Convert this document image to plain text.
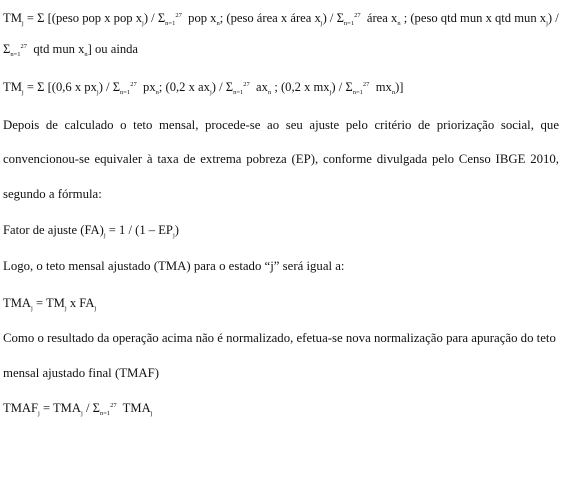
$TM_j = \Sigma$ [(peso pop x pop $x_j) / \Sigma_{n=1}^{27}$  pop $x_n$; (peso área x área $x_j) / \Sigma_{n=1}^{27}$  área $x_n$ ; (peso qtd mun x qtd mun $x_j$) /
$\Sigma_{n=1}^{27}$  qtd mun $x_n$] ou ainda
$TM_j = \Sigma$ [(0,6 x $px_j) / \Sigma_{n=1}^{27}$  $px_n$; (0,2 x $ax_j) / \Sigma_{n=1}^{27}$  $ax_n$ ; (0,2 x $mx_j) / \Sigma_{n=1}^{27}$  $mx_n$)]
Depois de calculado o teto mensal, procede-se ao seu ajuste pelo critério de priorização social, que
convencionou-se equivaler à taxa de extrema pobreza (EP), conforme divulgada pelo Censo IBGE 2010,
segundo a fórmula:
Fator de ajuste $(FA)_j = 1 / (1 - EP_j)$
Logo, o teto mensal ajustado (TMA) para o estado “j” será igual a:
$TMA_j = TM_j$ x $FA_j$
Como o resultado da operação acima não é normalizado, efetua-se nova normalização para apuração do teto
mensal ajustado final (TMAF)
$TMAF_j = TMA_j / \Sigma_{n=1}^{27}$  $TMA_j$
